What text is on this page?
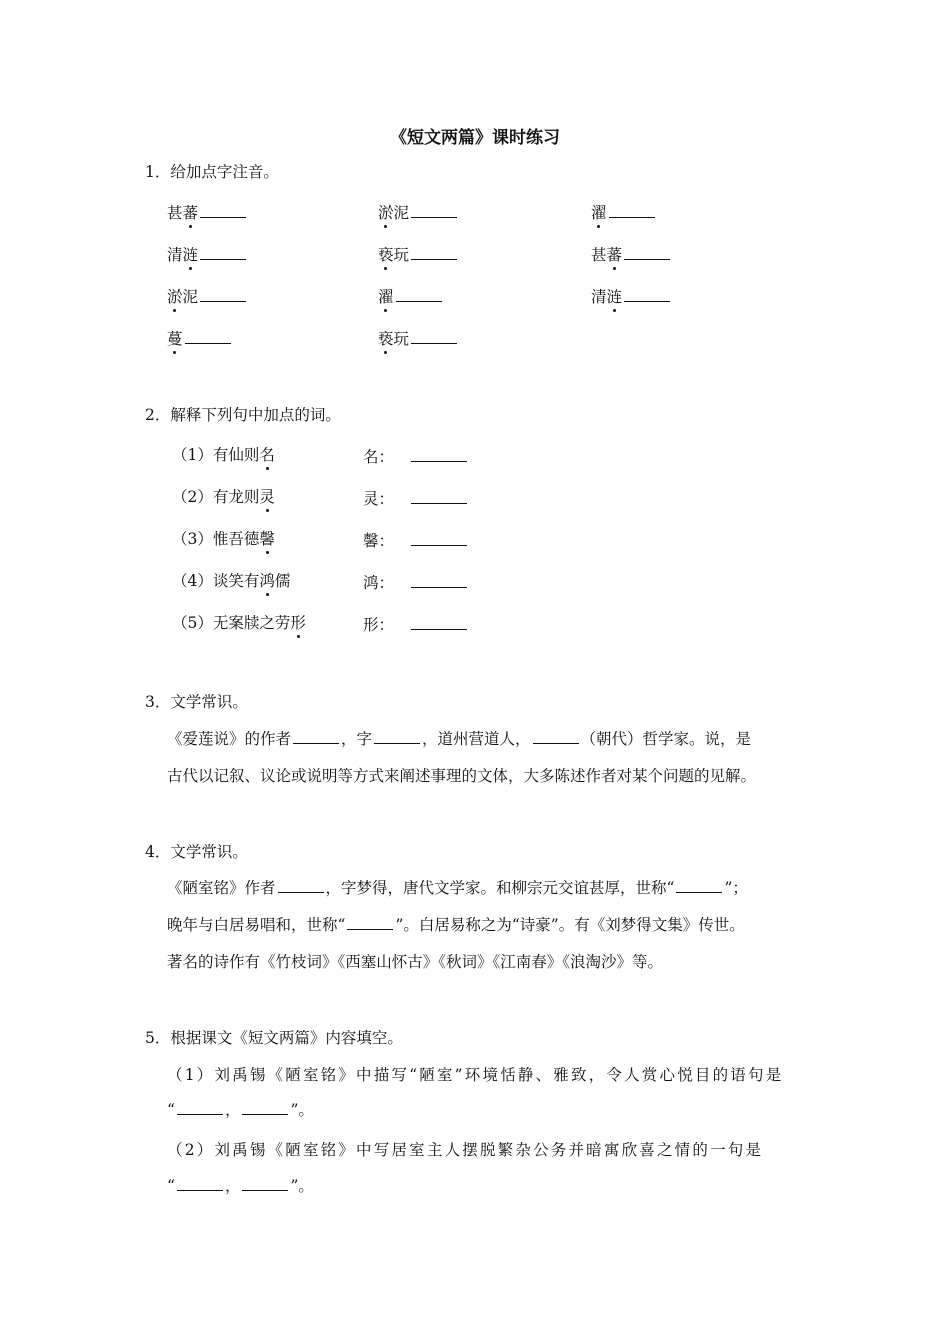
《短文两篇》课时练习
1．给加点字注音。
甚蕃	淤泥	濯
清涟	亵玩	甚蕃
淤泥	濯	清涟
蔓	亵玩
2．解释下列句中加点的词。
（1）有仙则名	名：
（2）有龙则灵	灵：
（3）惟吾德馨	馨：
（4）谈笑有鸿儒	鸿：
（5）无案牍之劳形	形：
3．文学常识。
《爱莲说》的作者	，字	，道州营道人，	（朝代）哲学家。说，是
古代以记叙、议论或说明等方式来阐述事理的文体，大多陈述作者对某个问题的见解。
4．文学常识。
《陋室铭》作者	，字梦得，唐代文学家。和柳宗元交谊甚厚，世称“	”；
晚年与白居易唱和，世称“	”。白居易称之为“诗豪”。有《刘梦得文集》传世。
著名的诗作有《竹枝词》《西塞山怀古》《秋词》《江南春》《浪淘沙》等。
5．根据课文《短文两篇》内容填空。
（1）刘禹锡《陋室铭》中描写“陋室”环境恬静、雅致，令人赏心悦目的语句是
“	，	”。
（2）刘禹锡《陋室铭》中写居室主人摆脱繁杂公务并暗寓欣喜之情的一句是
“	，	”。
